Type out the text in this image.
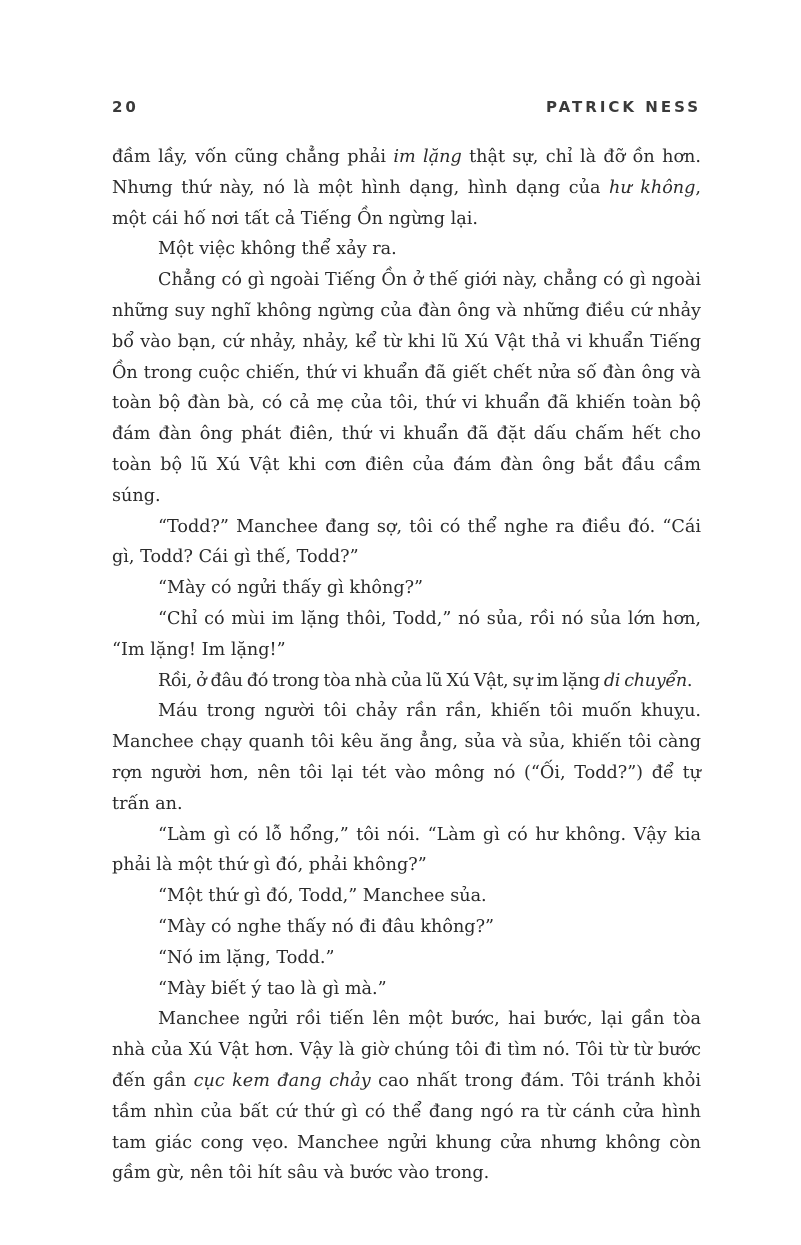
20	PATRICK NESS

đầm lầy, vốn cũng chẳng phải im lặng thật sự, chỉ là đỡ ồn hơn. Nhưng thứ này, nó là một hình dạng, hình dạng của hư không, một cái hố nơi tất cả Tiếng Ồn ngừng lại.

Một việc không thể xảy ra.

Chẳng có gì ngoài Tiếng Ồn ở thế giới này, chẳng có gì ngoài những suy nghĩ không ngừng của đàn ông và những điều cứ nhảy bổ vào bạn, cứ nhảy, nhảy, kể từ khi lũ Xú Vật thả vi khuẩn Tiếng Ồn trong cuộc chiến, thứ vi khuẩn đã giết chết nửa số đàn ông và toàn bộ đàn bà, có cả mẹ của tôi, thứ vi khuẩn đã khiến toàn bộ đám đàn ông phát điên, thứ vi khuẩn đã đặt dấu chấm hết cho toàn bộ lũ Xú Vật khi cơn điên của đám đàn ông bắt đầu cầm súng.

“Todd?” Manchee đang sợ, tôi có thể nghe ra điều đó. “Cái gì, Todd? Cái gì thế, Todd?”

“Mày có ngửi thấy gì không?”

“Chỉ có mùi im lặng thôi, Todd,” nó sủa, rồi nó sủa lớn hơn, “Im lặng! Im lặng!”

Rồi, ở đâu đó trong tòa nhà của lũ Xú Vật, sự im lặng di chuyển.

Máu trong người tôi chảy rần rần, khiến tôi muốn khuỵu. Manchee chạy quanh tôi kêu ăng ẳng, sủa và sủa, khiến tôi càng rợn người hơn, nên tôi lại tét vào mông nó (“Ối, Todd?”) để tự trấn an.

“Làm gì có lỗ hổng,” tôi nói. “Làm gì có hư không. Vậy kia phải là một thứ gì đó, phải không?”

“Một thứ gì đó, Todd,” Manchee sủa.

“Mày có nghe thấy nó đi đâu không?”

“Nó im lặng, Todd.”

“Mày biết ý tao là gì mà.”

Manchee ngửi rồi tiến lên một bước, hai bước, lại gần tòa nhà của Xú Vật hơn. Vậy là giờ chúng tôi đi tìm nó. Tôi từ từ bước đến gần cục kem đang chảy cao nhất trong đám. Tôi tránh khỏi tầm nhìn của bất cứ thứ gì có thể đang ngó ra từ cánh cửa hình tam giác cong vẹo. Manchee ngửi khung cửa nhưng không còn gầm gừ, nên tôi hít sâu và bước vào trong.
